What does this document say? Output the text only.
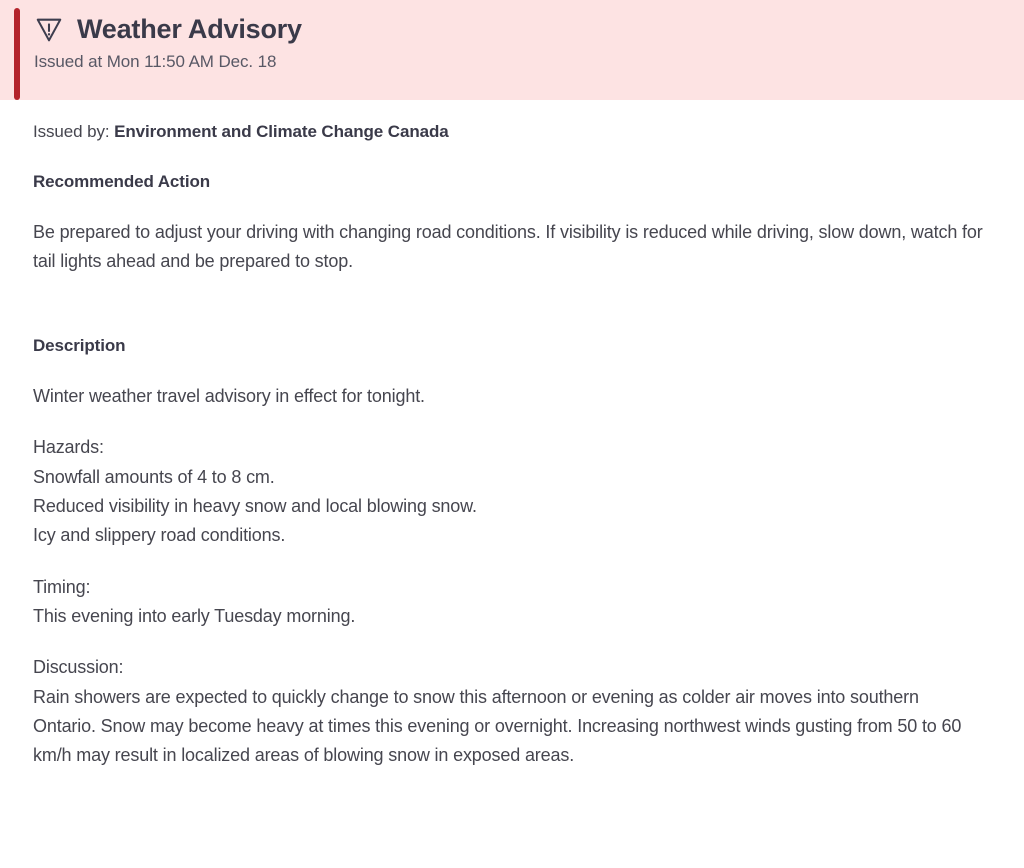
Weather Advisory
Issued at Mon 11:50 AM Dec. 18
Issued by: Environment and Climate Change Canada
Recommended Action

Be prepared to adjust your driving with changing road conditions. If visibility is reduced while driving, slow down, watch for tail lights ahead and be prepared to stop.

Description

Winter weather travel advisory in effect for tonight.

Hazards:
Snowfall amounts of 4 to 8 cm.
Reduced visibility in heavy snow and local blowing snow.
Icy and slippery road conditions.
Timing:
This evening into early Tuesday morning.
Discussion:

Rain showers are expected to quickly change to snow this afternoon or evening as colder air moves into southern Ontario. Snow may become heavy at times this evening or overnight. Increasing northwest winds gusting from 50 to 60 km/h may result in localized areas of blowing snow in exposed areas.
